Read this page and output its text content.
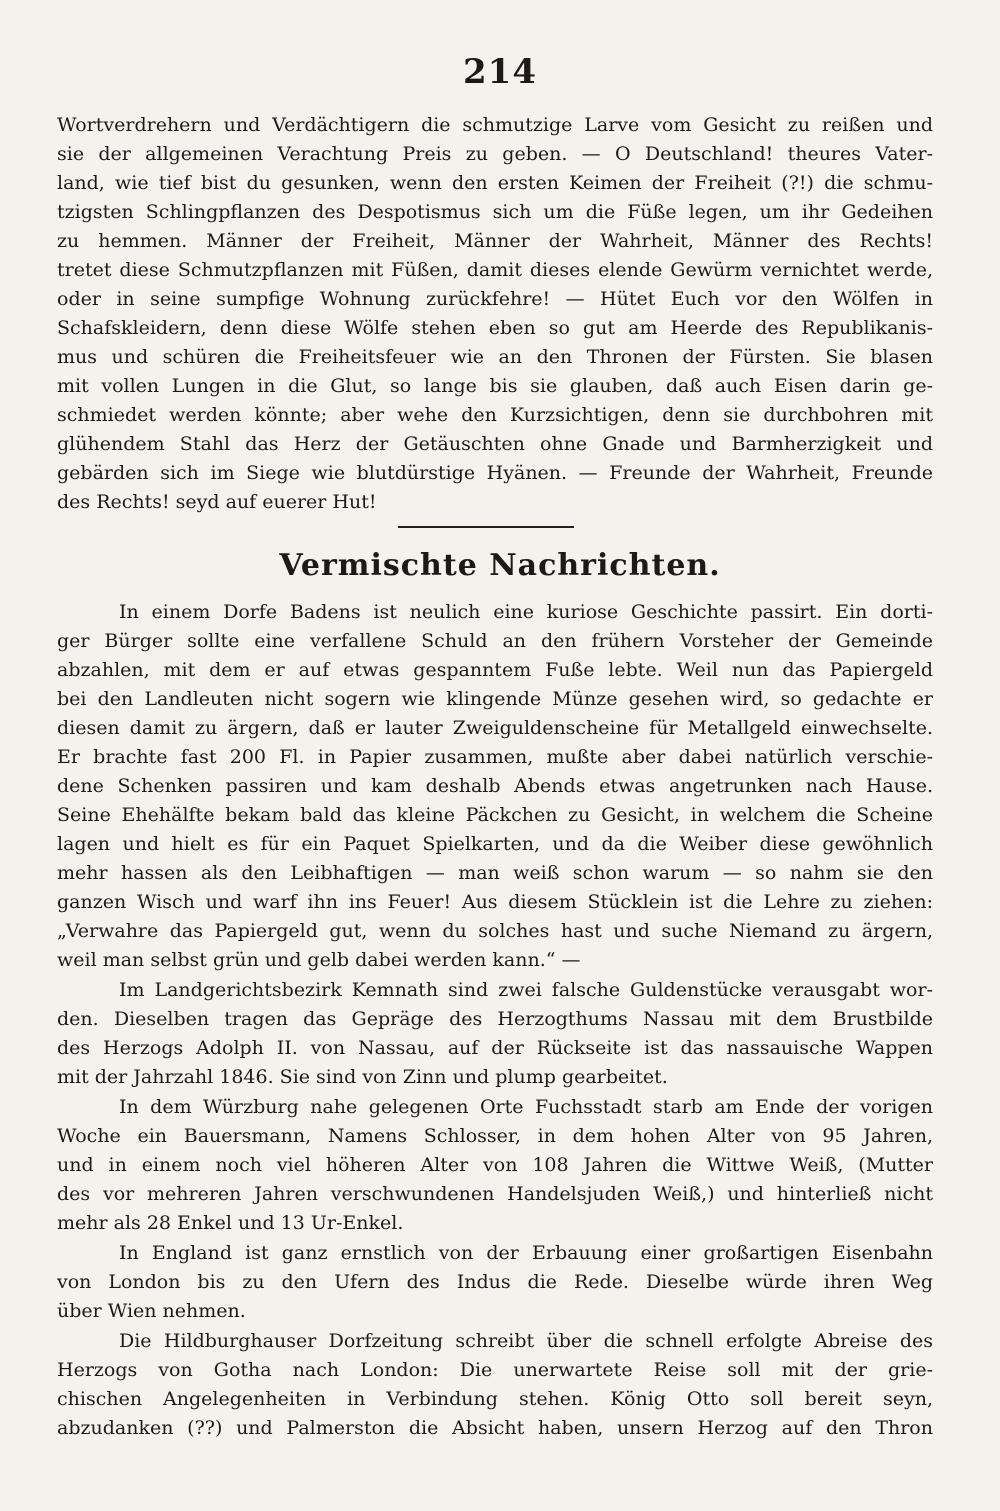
214
Wortverdrehern und Verdächtigern die schmutzige Larve vom Gesicht zu reißen und
sie der allgemeinen Verachtung Preis zu geben. — O Deutschland! theures Vater-
land, wie tief bist du gesunken, wenn den ersten Keimen der Freiheit (?!) die schmu-
tzigsten Schlingpflanzen des Despotismus sich um die Füße legen, um ihr Gedeihen
zu hemmen. Männer der Freiheit, Männer der Wahrheit, Männer des Rechts!
tretet diese Schmutzpflanzen mit Füßen, damit dieses elende Gewürm vernichtet werde,
oder in seine sumpfige Wohnung zurückfehre! — Hütet Euch vor den Wölfen in
Schafskleidern, denn diese Wölfe stehen eben so gut am Heerde des Republikanis-
mus und schüren die Freiheitsfeuer wie an den Thronen der Fürsten. Sie blasen
mit vollen Lungen in die Glut, so lange bis sie glauben, daß auch Eisen darin ge-
schmiedet werden könnte; aber wehe den Kurzsichtigen, denn sie durchbohren mit
glühendem Stahl das Herz der Getäuschten ohne Gnade und Barmherzigkeit und
gebärden sich im Siege wie blutdürstige Hyänen. — Freunde der Wahrheit, Freunde
des Rechts! seyd auf euerer Hut!
Vermischte Nachrichten.
In einem Dorfe Badens ist neulich eine kuriose Geschichte passirt. Ein dorti-
ger Bürger sollte eine verfallene Schuld an den frühern Vorsteher der Gemeinde
abzahlen, mit dem er auf etwas gespanntem Fuße lebte. Weil nun das Papiergeld
bei den Landleuten nicht sogern wie klingende Münze gesehen wird, so gedachte er
diesen damit zu ärgern, daß er lauter Zweiguldenscheine für Metallgeld einwechselte.
Er brachte fast 200 Fl. in Papier zusammen, mußte aber dabei natürlich verschie-
dene Schenken passiren und kam deshalb Abends etwas angetrunken nach Hause.
Seine Ehehälfte bekam bald das kleine Päckchen zu Gesicht, in welchem die Scheine
lagen und hielt es für ein Paquet Spielkarten, und da die Weiber diese gewöhnlich
mehr hassen als den Leibhaftigen — man weiß schon warum — so nahm sie den
ganzen Wisch und warf ihn ins Feuer! Aus diesem Stücklein ist die Lehre zu ziehen:
„Verwahre das Papiergeld gut, wenn du solches hast und suche Niemand zu ärgern,
weil man selbst grün und gelb dabei werden kann.“ —
Im Landgerichtsbezirk Kemnath sind zwei falsche Guldenstücke verausgabt wor-
den. Dieselben tragen das Gepräge des Herzogthums Nassau mit dem Brustbilde
des Herzogs Adolph II. von Nassau, auf der Rückseite ist das nassauische Wappen
mit der Jahrzahl 1846. Sie sind von Zinn und plump gearbeitet.
In dem Würzburg nahe gelegenen Orte Fuchsstadt starb am Ende der vorigen
Woche ein Bauersmann, Namens Schlosser, in dem hohen Alter von 95 Jahren,
und in einem noch viel höheren Alter von 108 Jahren die Wittwe Weiß, (Mutter
des vor mehreren Jahren verschwundenen Handelsjuden Weiß,) und hinterließ nicht
mehr als 28 Enkel und 13 Ur-Enkel.
In England ist ganz ernstlich von der Erbauung einer großartigen Eisenbahn
von London bis zu den Ufern des Indus die Rede. Dieselbe würde ihren Weg
über Wien nehmen.
Die Hildburghauser Dorfzeitung schreibt über die schnell erfolgte Abreise des
Herzogs von Gotha nach London: Die unerwartete Reise soll mit der grie-
chischen Angelegenheiten in Verbindung stehen. König Otto soll bereit seyn,
abzudanken (??) und Palmerston die Absicht haben, unsern Herzog auf den Thron
